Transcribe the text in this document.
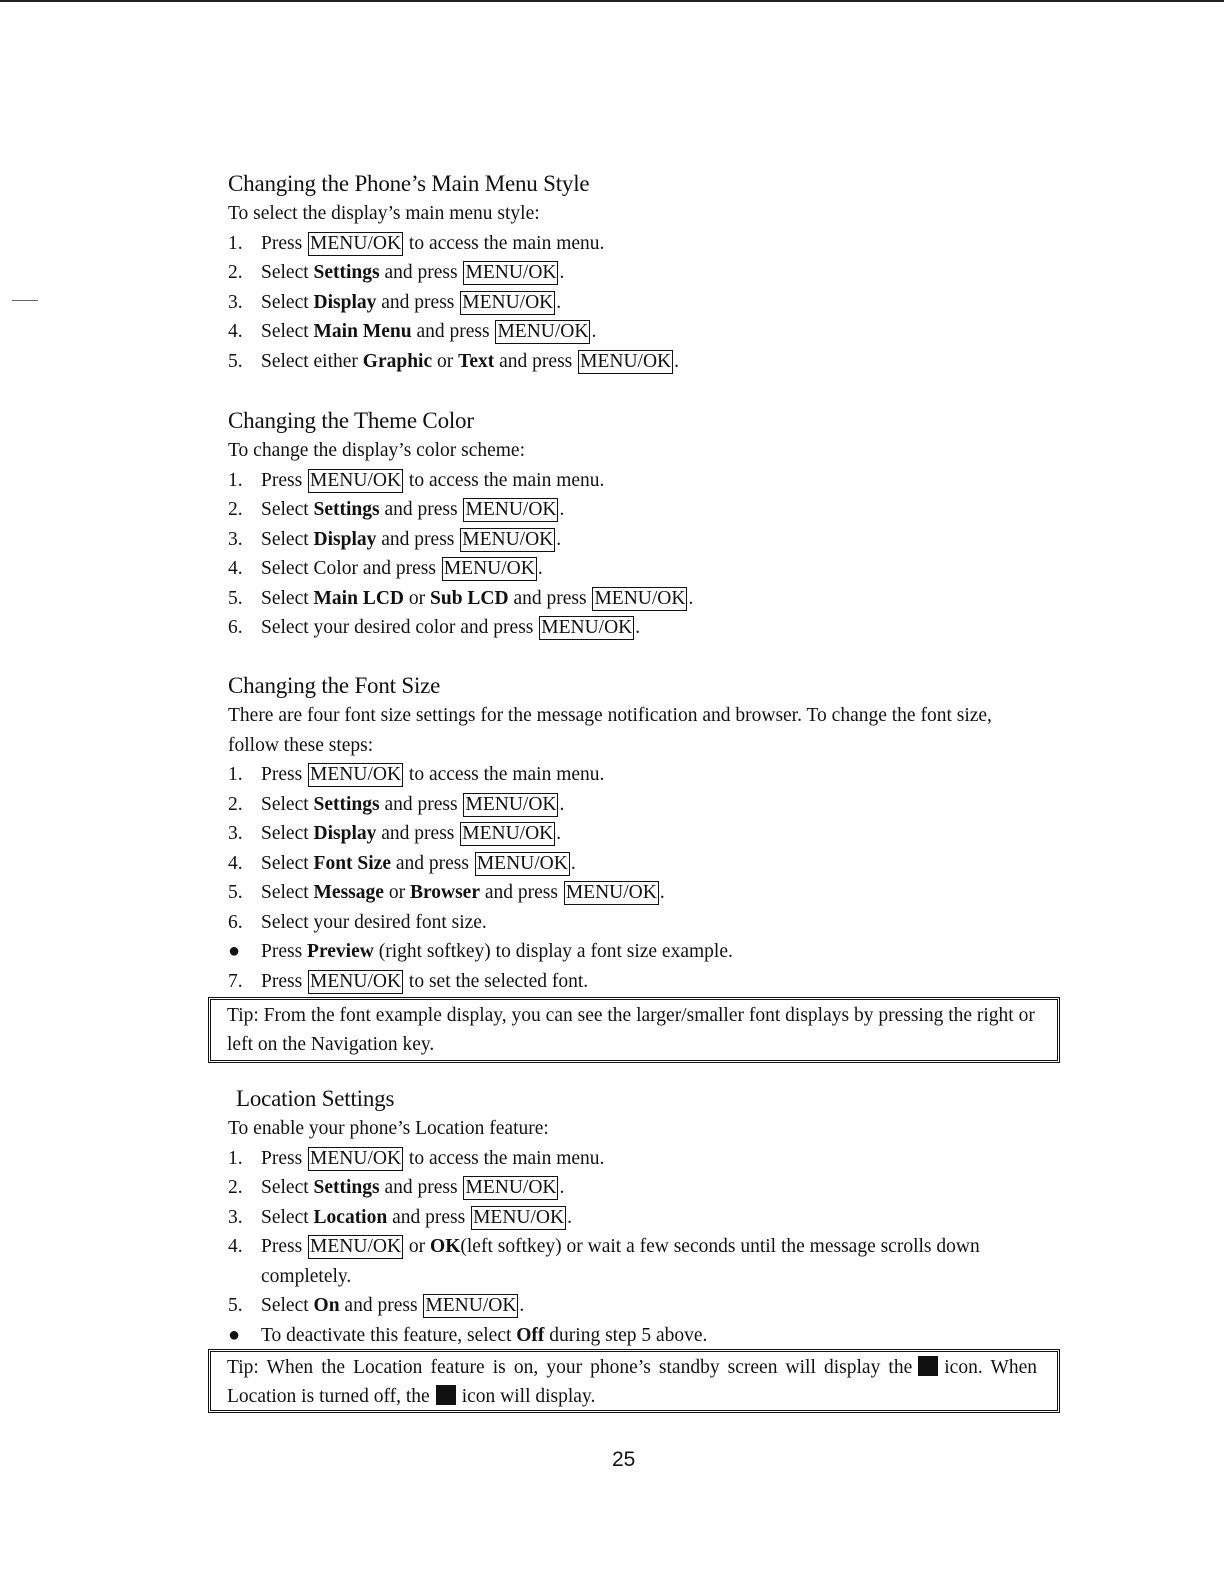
Changing the Phone’s Main Menu Style
To select the display’s main menu style:
1. Press MENU/OK to access the main menu.
2. Select Settings and press MENU/OK .
3. Select Display and press MENU/OK .
4. Select Main Menu and press MENU/OK .
5. Select either Graphic or Text and press MENU/OK .
Changing the Theme Color
To change the display’s color scheme:
1. Press MENU/OK to access the main menu.
2. Select Settings and press MENU/OK .
3. Select Display and press MENU/OK .
4. Select Color and press MENU/OK .
5. Select Main LCD or Sub LCD and press MENU/OK .
6. Select your desired color and press MENU/OK .
Changing the Font Size
There are four font size settings for the message notification and browser. To change the font size, follow these steps:
1. Press MENU/OK to access the main menu.
2. Select Settings and press MENU/OK .
3. Select Display and press MENU/OK .
4. Select Font Size and press MENU/OK .
5. Select Message or Browser and press MENU/OK .
6. Select your desired font size.
●	Press Preview (right softkey) to display a font size example.
7. Press MENU/OK to set the selected font.
Tip: From the font example display, you can see the larger/smaller font displays by pressing the right or left on the Navigation key.
Location Settings
To enable your phone’s Location feature:
1. Press MENU/OK to access the main menu.
2. Select Settings and press MENU/OK .
3. Select Location and press MENU/OK .
4. Press MENU/OK or OK(left softkey) or wait a few seconds until the message scrolls down completely.
5. Select On and press MENU/OK .
●	To deactivate this feature, select Off during step 5 above.
Tip: When the Location feature is on, your phone’s standby screen will display the icon. When Location is turned off, the icon will display.
25
